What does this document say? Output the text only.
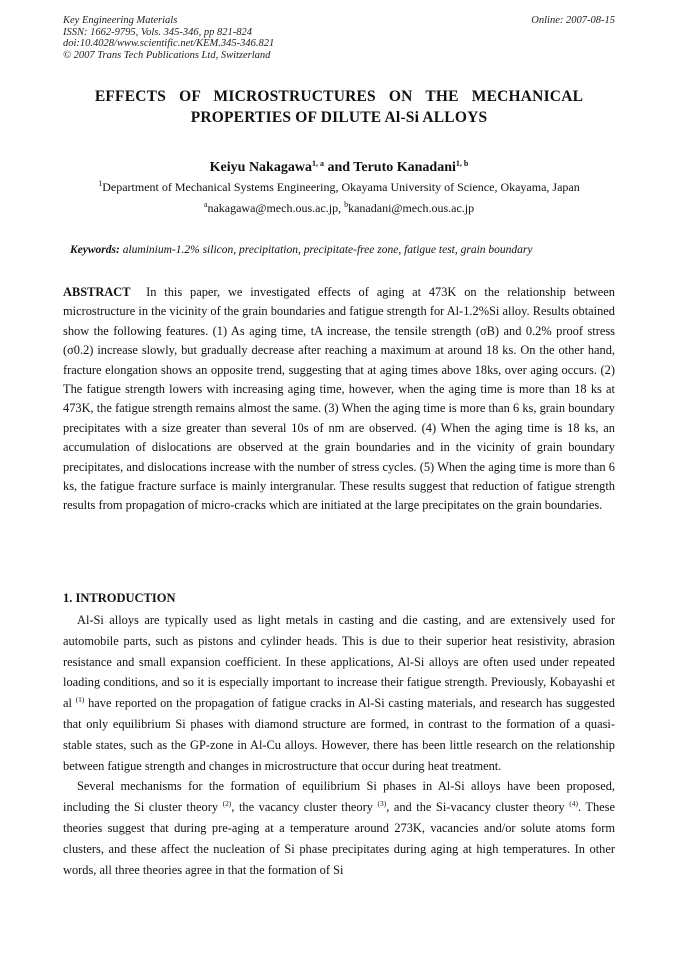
Key Engineering Materials
ISSN: 1662-9795, Vols. 345-346, pp 821-824
doi:10.4028/www.scientific.net/KEM.345-346.821
© 2007 Trans Tech Publications Ltd, Switzerland
Online: 2007-08-15
EFFECTS OF MICROSTRUCTURES ON THE MECHANICAL
PROPERTIES OF DILUTE Al-Si ALLOYS
Keiyu Nakagawa$^{1, a}$ and Teruto Kanadani$^{1, b}$
$^1$Department of Mechanical Systems Engineering, Okayama University of Science, Okayama, Japan
$^a$nakagawa@mech.ous.ac.jp, $^b$kanadani@mech.ous.ac.jp
Keywords: aluminium-1.2% silicon, precipitation, precipitate-free zone, fatigue test, grain boundary
ABSTRACT In this paper, we investigated effects of aging at 473K on the relationship between microstructure in the vicinity of the grain boundaries and fatigue strength for Al-1.2%Si alloy. Results obtained show the following features. (1) As aging time, tA increase, the tensile strength (σB) and 0.2% proof stress (σ0.2) increase slowly, but gradually decrease after reaching a maximum at around 18 ks. On the other hand, fracture elongation shows an opposite trend, suggesting that at aging times above 18ks, over aging occurs. (2) The fatigue strength lowers with increasing aging time, however, when the aging time is more than 18 ks at 473K, the fatigue strength remains almost the same. (3) When the aging time is more than 6 ks, grain boundary precipitates with a size greater than several 10s of nm are observed. (4) When the aging time is 18 ks, an accumulation of dislocations are observed at the grain boundaries and in the vicinity of grain boundary precipitates, and dislocations increase with the number of stress cycles. (5) When the aging time is more than 6 ks, the fatigue fracture surface is mainly intergranular. These results suggest that reduction of fatigue strength results from propagation of micro-cracks which are initiated at the large precipitates on the grain boundaries.
1. INTRODUCTION

Al-Si alloys are typically used as light metals in casting and die casting, and are extensively used for automobile parts, such as pistons and cylinder heads. This is due to their superior heat resistivity, abrasion resistance and small expansion coefficient. In these applications, Al-Si alloys are often used under repeated loading conditions, and so it is especially important to increase their fatigue strength. Previously, Kobayashi et al $^{(1)}$ have reported on the propagation of fatigue cracks in Al-Si casting materials, and research has suggested that only equilibrium Si phases with diamond structure are formed, in contrast to the formation of a quasi-stable states, such as the GP-zone in Al-Cu alloys. However, there has been little research on the relationship between fatigue strength and changes in microstructure that occur during heat treatment.

Several mechanisms for the formation of equilibrium Si phases in Al-Si alloys have been proposed, including the Si cluster theory $^{(2)}$, the vacancy cluster theory $^{(3)}$, and the Si-vacancy cluster theory $^{(4)}$. These theories suggest that during pre-aging at a temperature around 273K, vacancies and/or solute atoms form clusters, and these affect the nucleation of Si phase precipitates during aging at high temperatures. In other words, all three theories agree in that the formation of Si
